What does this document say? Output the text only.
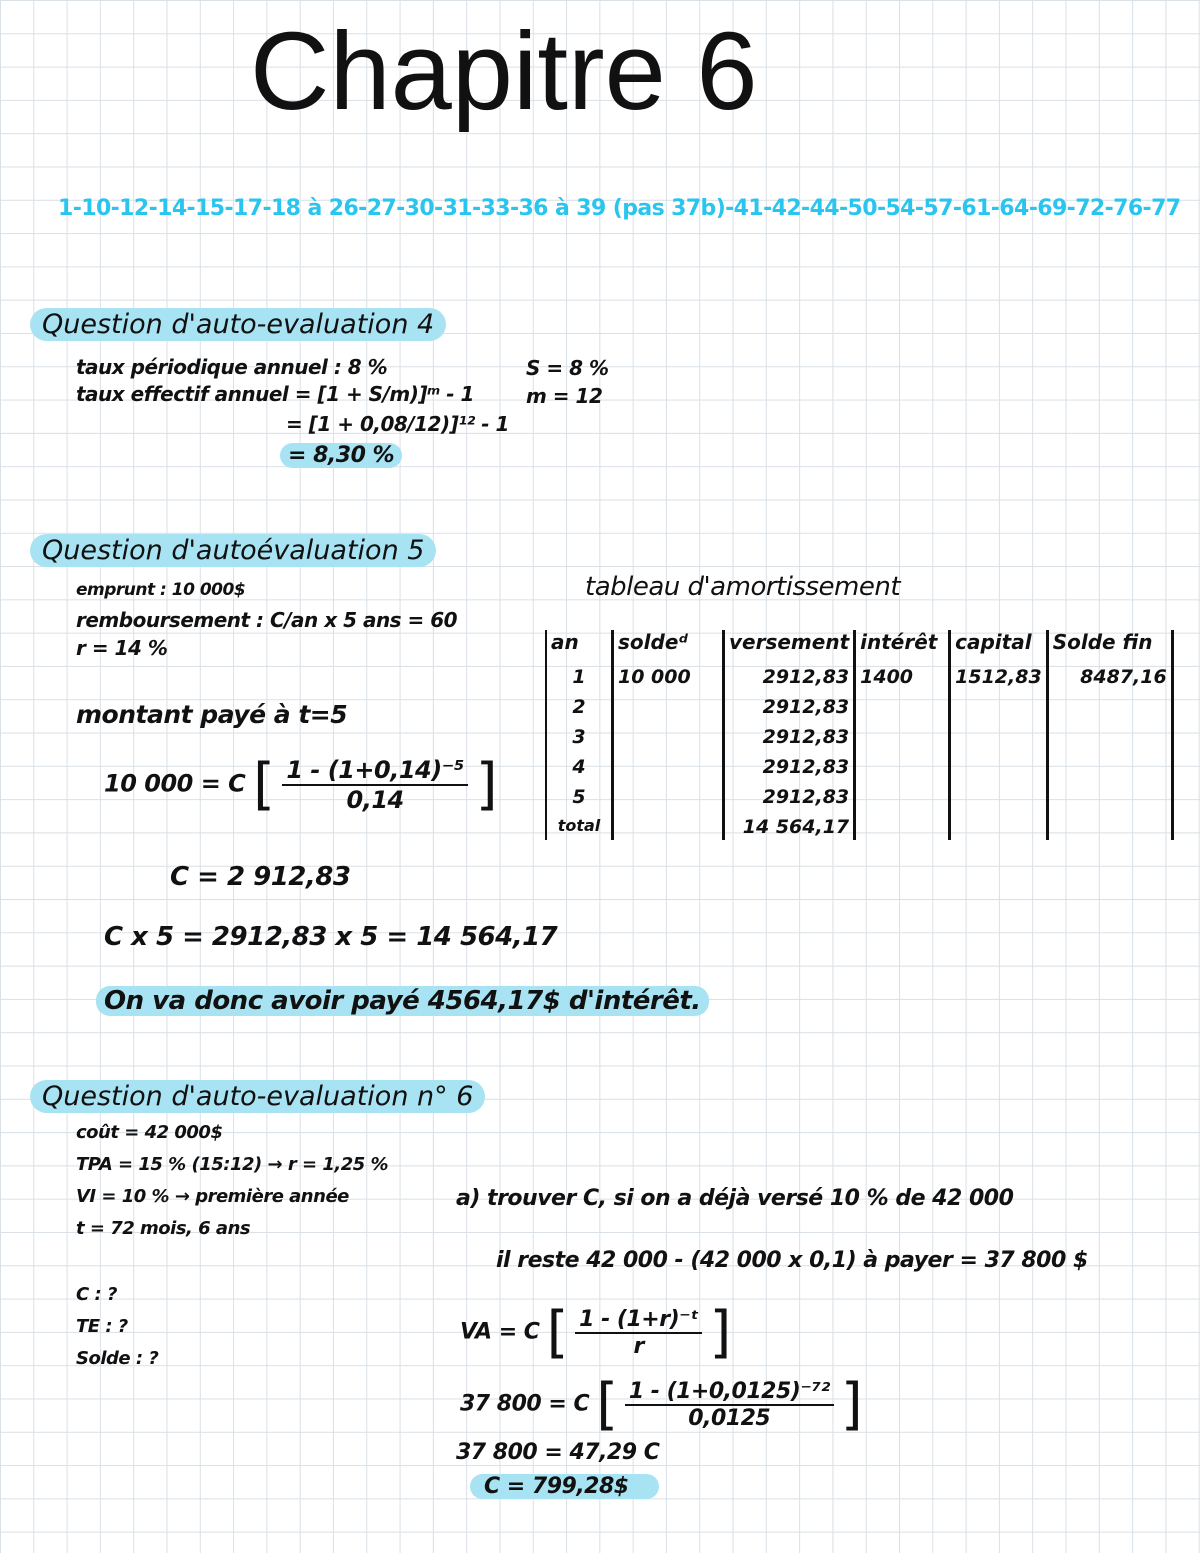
Chapitre 6
1-10-12-14-15-17-18 à 26-27-30-31-33-36 à 39 (pas 37b)-41-42-44-50-54-57-61-64-69-72-76-77
Question d'auto-evaluation 4
taux périodique annuel : 8 %
taux effectif annuel = [1 + S/m)]ᵐ - 1
= [1 + 0,08/12)]¹² - 1
= 8,30 %
S = 8 %
m = 12
Question d'autoévaluation 5
emprunt : 10 000$
remboursement : C/an x 5 ans = 60
r = 14 %
montant payé à t=5
10 000 = C [ $\frac{\text{1 - (1+0,14)⁻⁵}}{0,14}$ ]
C = 2 912,83
C x 5 = 2912,83 x 5 = 14 564,17
On va donc avoir payé 4564,17$ d'intérêt.
tableau d'amortissement
an	soldeᵈ	versement	intérêt	capital	Solde fin
1	10 000	2912,83	1400	1512,83	8487,16
2		2912,83			
3		2912,83			
4		2912,83			
5		2912,83			
total		14 564,17			
Question d'auto-evaluation n° 6
coût = 42 000$
TPA = 15 % (15:12) → r = 1,25 %
VI = 10 % → première année
t = 72 mois, 6 ans
C : ?
TE : ?
Solde : ?
a) trouver C, si on a déjà versé 10 % de 42 000
il reste 42 000 - (42 000 x 0,1) à payer = 37 800 $
VA = C [ $\frac{\text{1 - (1+r)⁻ᵗ}}{r}$ ]
37 800 = C [ $\frac{\text{1 - (1+0,0125)⁻⁷²}}{0,0125}$ ]
37 800 = 47,29 C
C = 799,28$
